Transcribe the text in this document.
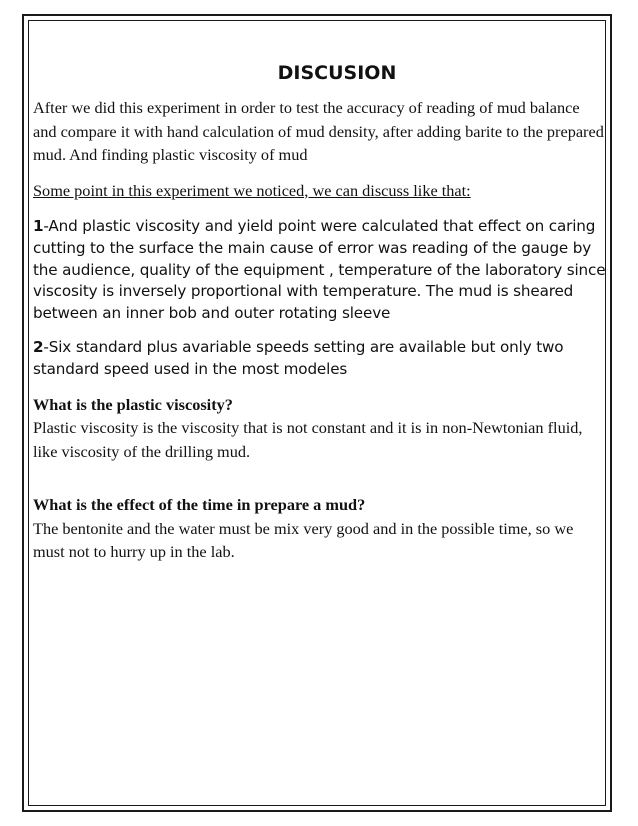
DISCUSION

After we did this experiment in order to test the accuracy of reading of mud balance and compare it with hand calculation of mud density, after adding barite to the prepared mud. And finding plastic viscosity of mud

Some point in this experiment we noticed, we can discuss like that:

1-And plastic viscosity and yield point were calculated that effect on caring cutting to the surface the main cause of error was reading of the gauge by the audience, quality of the equipment , temperature of the laboratory since viscosity is inversely proportional with temperature. The mud is sheared between an inner bob and outer rotating sleeve

2-Six standard plus avariable speeds setting are available but only two standard speed used in the most modeles

What is the plastic viscosity?

Plastic viscosity is the viscosity that is not constant and it is in non-Newtonian fluid, like viscosity of the drilling mud.

What is the effect of the time in prepare a mud?

The bentonite and the water must be mix very good and in the possible time, so we must not to hurry up in the lab.
